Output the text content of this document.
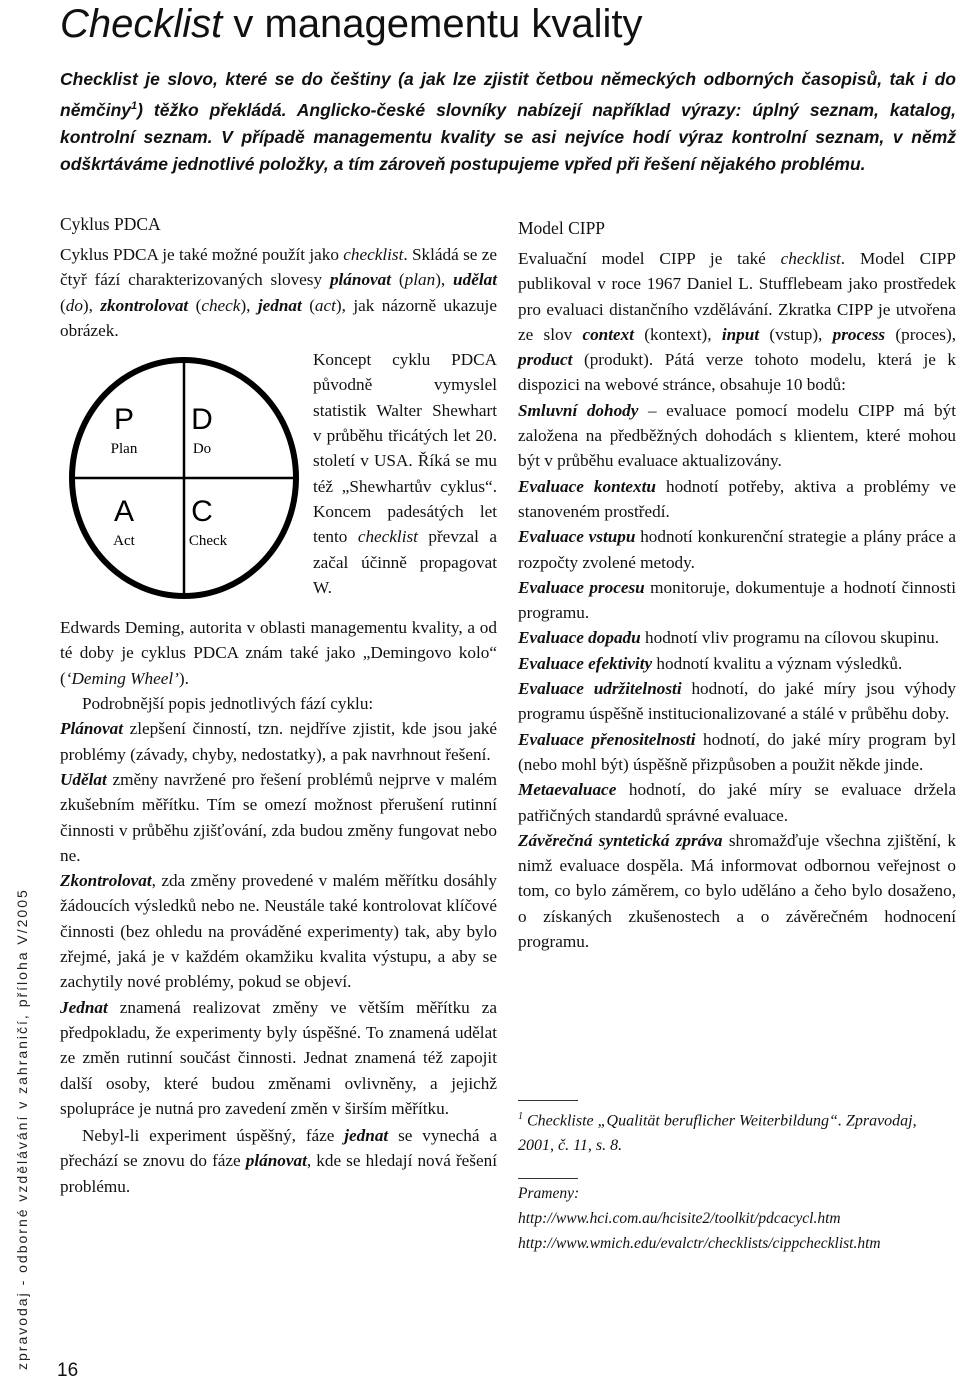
Checklist v managementu kvality

Checklist je slovo, které se do češtiny (a jak lze zjistit četbou německých odborných časopisů, tak i do němčiny$^1$) těžko překládá. Anglicko-české slovníky nabízejí například výrazy: úplný seznam, katalog, kontrolní seznam. V případě managementu kvality se asi nejvíce hodí výraz kontrolní seznam, v němž odškrtáváme jednotlivé položky, a tím zároveň postupujeme vpřed při řešení nějakého problému.

Cyklus PDCA

Cyklus PDCA je také možné použít jako checklist. Skládá se ze čtyř fází charakterizovaných slovesy plánovat (plan), udělat (do), zkontrolovat (check), jednat (act), jak názorně ukazuje obrázek.

P
Plan
D
Do
A
Act
C
Check

Koncept cyklu PDCA původně vymyslel statistik Walter Shewhart v průběhu třicátých let 20. století v USA. Říká se mu též „Shewhartův cyklus“. Koncem padesátých let tento checklist převzal a začal účinně propagovat W.

Edwards Deming, autorita v oblasti managementu kvality, a od té doby je cyklus PDCA znám také jako „Demingovo kolo“ (‘Deming Wheel’).

Podrobnější popis jednotlivých fází cyklu:

Plánovat zlepšení činností, tzn. nejdříve zjistit, kde jsou jaké problémy (závady, chyby, nedostatky), a pak navrhnout řešení.

Udělat změny navržené pro řešení problémů nejprve v malém zkušebním měřítku. Tím se omezí možnost přerušení rutinní činnosti v průběhu zjišťování, zda budou změny fungovat nebo ne.

Zkontrolovat, zda změny provedené v malém měřítku dosáhly žádoucích výsledků nebo ne. Neustále také kontrolovat klíčové činnosti (bez ohledu na prováděné experimenty) tak, aby bylo zřejmé, jaká je v každém okamžiku kvalita výstupu, a aby se zachytily nové problémy, pokud se objeví.

Jednat znamená realizovat změny ve větším měřítku za předpokladu, že experimenty byly úspěšné. To znamená udělat ze změn rutinní součást činnosti. Jednat znamená též zapojit další osoby, které budou změnami ovlivněny, a jejichž spolupráce je nutná pro zavedení změn v širším měřítku.

Nebyl-li experiment úspěšný, fáze jednat se vynechá a přechází se znovu do fáze plánovat, kde se hledají nová řešení problému.

Model CIPP

Evaluační model CIPP je také checklist. Model CIPP publikoval v roce 1967 Daniel L. Stufflebeam jako prostředek pro evaluaci distančního vzdělávání. Zkratka CIPP je utvořena ze slov context (kontext), input (vstup), process (proces), product (produkt). Pátá verze tohoto modelu, která je k dispozici na webové stránce, obsahuje 10 bodů:

Smluvní dohody – evaluace pomocí modelu CIPP má být založena na předběžných dohodách s klientem, které mohou být v průběhu evaluace aktualizovány.

Evaluace kontextu hodnotí potřeby, aktiva a problémy ve stanoveném prostředí.

Evaluace vstupu hodnotí konkurenční strategie a plány práce a rozpočty zvolené metody.

Evaluace procesu monitoruje, dokumentuje a hodnotí činnosti programu.

Evaluace dopadu hodnotí vliv programu na cílovou skupinu.

Evaluace efektivity hodnotí kvalitu a význam výsledků.

Evaluace udržitelnosti hodnotí, do jaké míry jsou výhody programu úspěšně institucionalizované a stálé v průběhu doby.

Evaluace přenositelnosti hodnotí, do jaké míry program byl (nebo mohl být) úspěšně přizpůsoben a použit někde jinde.

Metaevaluace hodnotí, do jaké míry se evaluace držela patřičných standardů správné evaluace.

Závěrečná syntetická zpráva shromažďuje všechna zjištění, k nimž evaluace dospěla. Má informovat odbornou veřejnost o tom, co bylo záměrem, co bylo uděláno a čeho bylo dosaženo, o získaných zkušenostech a o závěrečném hodnocení programu.

$^1$ Checkliste „Qualität beruflicher Weiterbildung“. Zpravodaj, 2001, č. 11, s. 8.

Prameny:
http://www.hci.com.au/hcisite2/toolkit/pdcacycl.htm
http://www.wmich.edu/evalctr/checklists/cippchecklist.htm
zpravodaj - odborné vzdělávání v zahraničí, příloha V/2005
16
